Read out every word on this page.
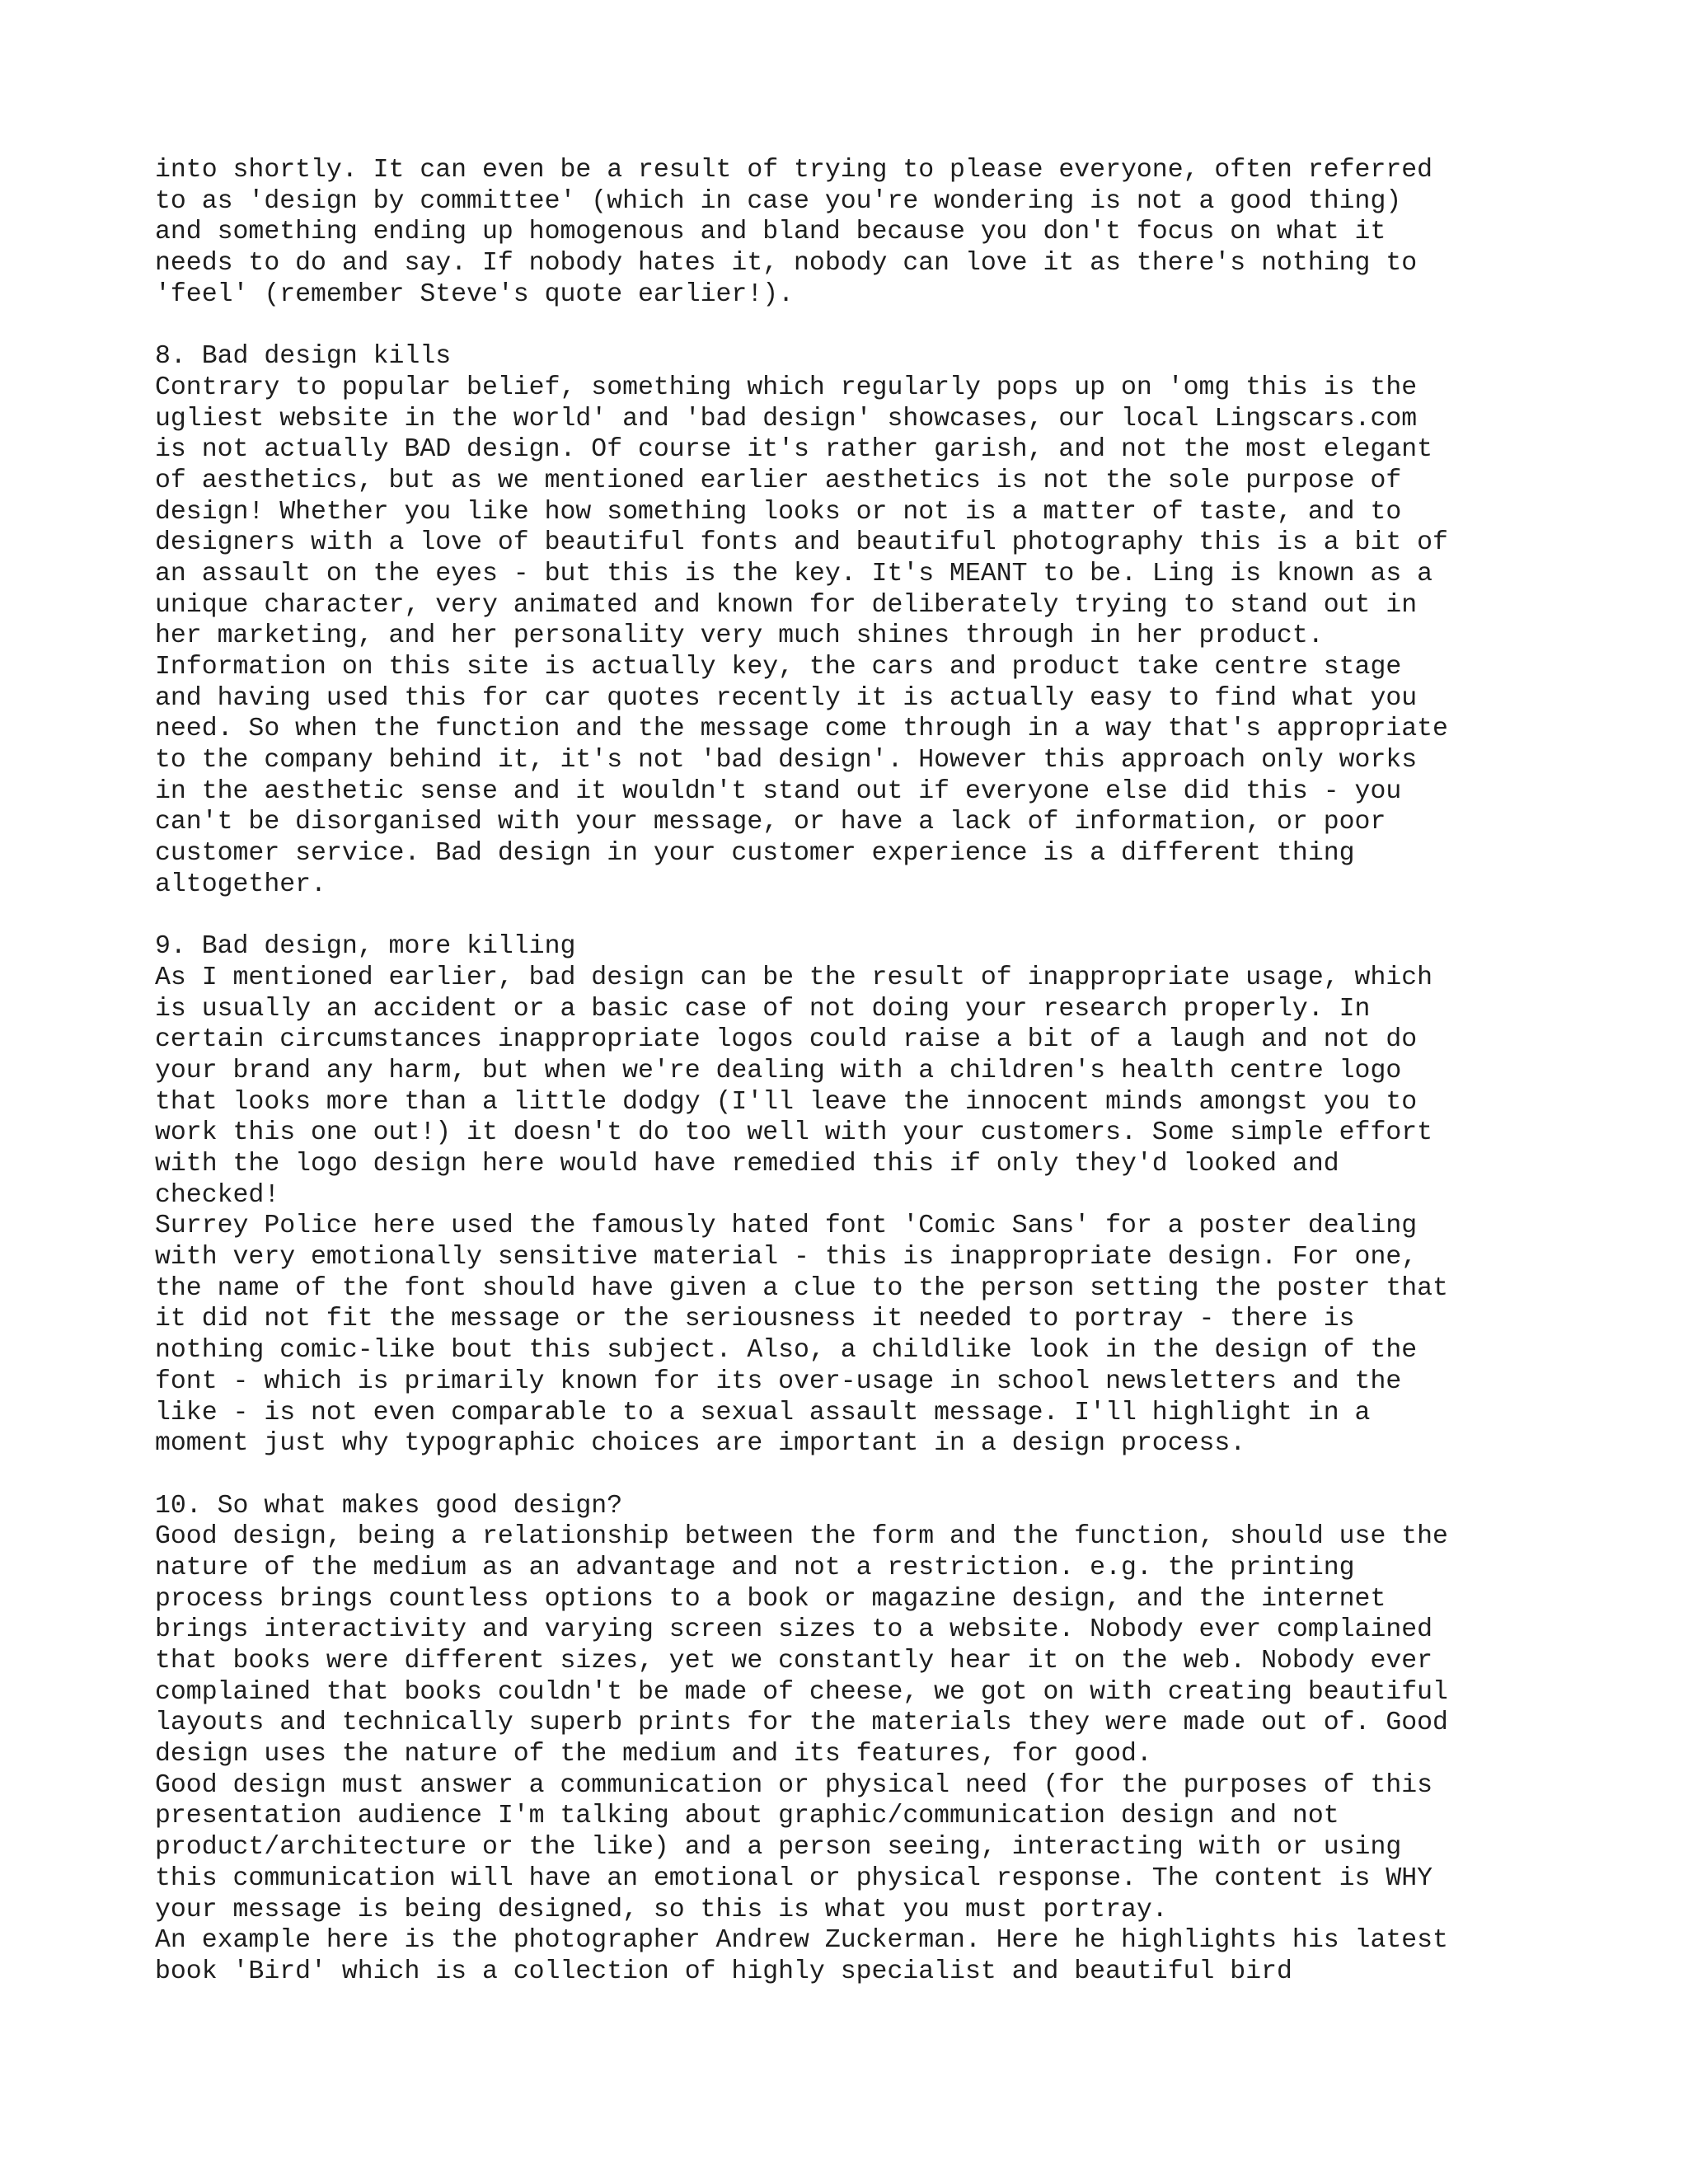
into shortly. It can even be a result of trying to please everyone, often referred
to as 'design by committee' (which in case you're wondering is not a good thing)
and something ending up homogenous and bland because you don't focus on what it
needs to do and say. If nobody hates it, nobody can love it as there's nothing to
'feel' (remember Steve's quote earlier!).
8. Bad design kills
Contrary to popular belief, something which regularly pops up on 'omg this is the
ugliest website in the world' and 'bad design' showcases, our local Lingscars.com
is not actually BAD design. Of course it's rather garish, and not the most elegant
of aesthetics, but as we mentioned earlier aesthetics is not the sole purpose of
design! Whether you like how something looks or not is a matter of taste, and to
designers with a love of beautiful fonts and beautiful photography this is a bit of
an assault on the eyes - but this is the key. It's MEANT to be. Ling is known as a
unique character, very animated and known for deliberately trying to stand out in
her marketing, and her personality very much shines through in her product.
Information on this site is actually key, the cars and product take centre stage
and having used this for car quotes recently it is actually easy to find what you
need. So when the function and the message come through in a way that's appropriate
to the company behind it, it's not 'bad design'. However this approach only works
in the aesthetic sense and it wouldn't stand out if everyone else did this - you
can't be disorganised with your message, or have a lack of information, or poor
customer service. Bad design in your customer experience is a different thing
altogether.
9. Bad design, more killing
As I mentioned earlier, bad design can be the result of inappropriate usage, which
is usually an accident or a basic case of not doing your research properly. In
certain circumstances inappropriate logos could raise a bit of a laugh and not do
your brand any harm, but when we're dealing with a children's health centre logo
that looks more than a little dodgy (I'll leave the innocent minds amongst you to
work this one out!) it doesn't do too well with your customers. Some simple effort
with the logo design here would have remedied this if only they'd looked and
checked!
Surrey Police here used the famously hated font 'Comic Sans' for a poster dealing
with very emotionally sensitive material - this is inappropriate design. For one,
the name of the font should have given a clue to the person setting the poster that
it did not fit the message or the seriousness it needed to portray - there is
nothing comic-like bout this subject. Also, a childlike look in the design of the
font - which is primarily known for its over-usage in school newsletters and the
like - is not even comparable to a sexual assault message. I'll highlight in a
moment just why typographic choices are important in a design process.
10. So what makes good design?
Good design, being a relationship between the form and the function, should use the
nature of the medium as an advantage and not a restriction. e.g. the printing
process brings countless options to a book or magazine design, and the internet
brings interactivity and varying screen sizes to a website. Nobody ever complained
that books were different sizes, yet we constantly hear it on the web. Nobody ever
complained that books couldn't be made of cheese, we got on with creating beautiful
layouts and technically superb prints for the materials they were made out of. Good
design uses the nature of the medium and its features, for good.
Good design must answer a communication or physical need (for the purposes of this
presentation audience I'm talking about graphic/communication design and not
product/architecture or the like) and a person seeing, interacting with or using
this communication will have an emotional or physical response. The content is WHY
your message is being designed, so this is what you must portray.
An example here is the photographer Andrew Zuckerman. Here he highlights his latest
book 'Bird' which is a collection of highly specialist and beautiful bird
